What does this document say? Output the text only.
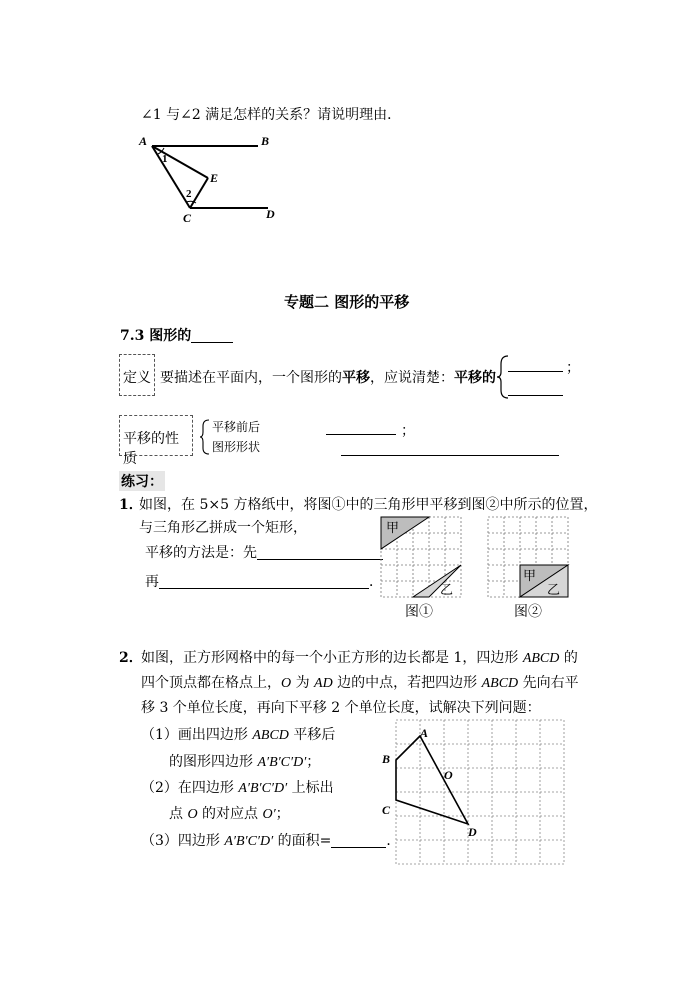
∠1 与∠2 满足怎样的关系？请说明理由．
A	B
E
C	D
1
2
专题二 图形的平移
7.3 图形的
定义 要描述在平面内，一个图形的平移，应说清楚：平移的
；
平移的性质
平移前后
图形形状
；
练习：
1．
如图，在 5×5 方格纸中，将图①中的三角形甲平移到图②中所示的位置，
与三角形乙拼成一个矩形，
平移的方法是：先
再	．
甲
乙
图①
甲
乙
图②
2．
如图，正方形网格中的每一个小正方形的边长都是 1，四边形 ABCD 的
四个顶点都在格点上，O 为 AD 边的中点，若把四边形 ABCD 先向右平
移 3 个单位长度，再向下平移 2 个单位长度，试解决下列问题：
（1）画出四边形 ABCD 平移后
的图形四边形 A′B′C′D′；
（2）在四边形 A′B′C′D′ 上标出
点 O 的对应点 O′；
（3）四边形 A′B′C′D′ 的面积=	．
A
B
C
D
O
